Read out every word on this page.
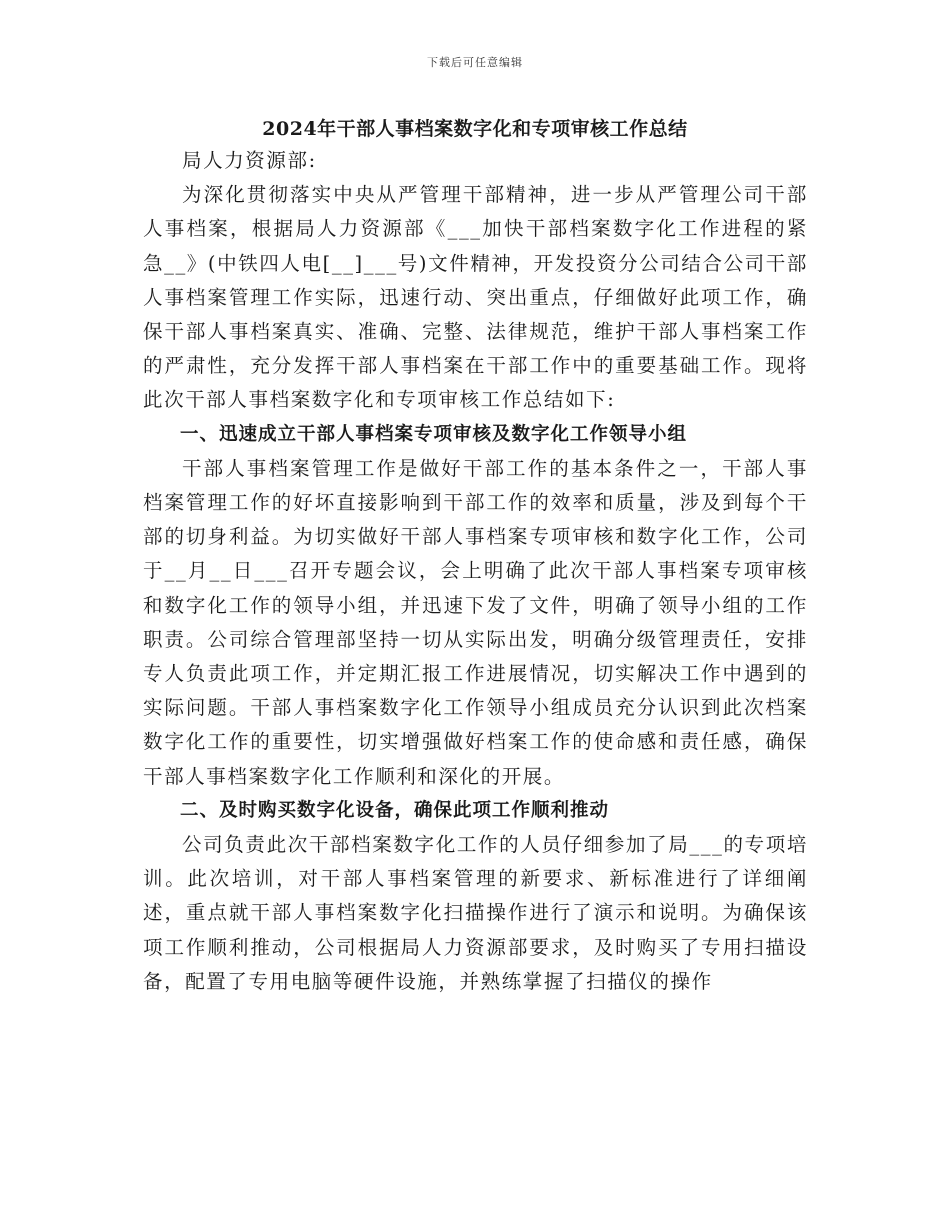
下载后可任意编辑
2024年干部人事档案数字化和专项审核工作总结

局人力资源部:

为深化贯彻落实中央从严管理干部精神，进一步从严管理公司干部人事档案，根据局人力资源部《___加快干部档案数字化工作进程的紧急__》(中铁四人电[__]___号)文件精神，开发投资分公司结合公司干部人事档案管理工作实际，迅速行动、突出重点，仔细做好此项工作，确保干部人事档案真实、准确、完整、法律规范，维护干部人事档案工作的严肃性，充分发挥干部人事档案在干部工作中的重要基础工作。现将此次干部人事档案数字化和专项审核工作总结如下:

一、迅速成立干部人事档案专项审核及数字化工作领导小组

干部人事档案管理工作是做好干部工作的基本条件之一，干部人事档案管理工作的好坏直接影响到干部工作的效率和质量，涉及到每个干部的切身利益。为切实做好干部人事档案专项审核和数字化工作，公司于__月__日___召开专题会议，会上明确了此次干部人事档案专项审核和数字化工作的领导小组，并迅速下发了文件，明确了领导小组的工作职责。公司综合管理部坚持一切从实际出发，明确分级管理责任，安排专人负责此项工作，并定期汇报工作进展情况，切实解决工作中遇到的实际问题。干部人事档案数字化工作领导小组成员充分认识到此次档案数字化工作的重要性，切实增强做好档案工作的使命感和责任感，确保干部人事档案数字化工作顺利和深化的开展。

二、及时购买数字化设备，确保此项工作顺利推动

公司负责此次干部档案数字化工作的人员仔细参加了局___的专项培训。此次培训，对干部人事档案管理的新要求、新标准进行了详细阐述，重点就干部人事档案数字化扫描操作进行了演示和说明。为确保该项工作顺利推动，公司根据局人力资源部要求，及时购买了专用扫描设备，配置了专用电脑等硬件设施，并熟练掌握了扫描仪的操作
